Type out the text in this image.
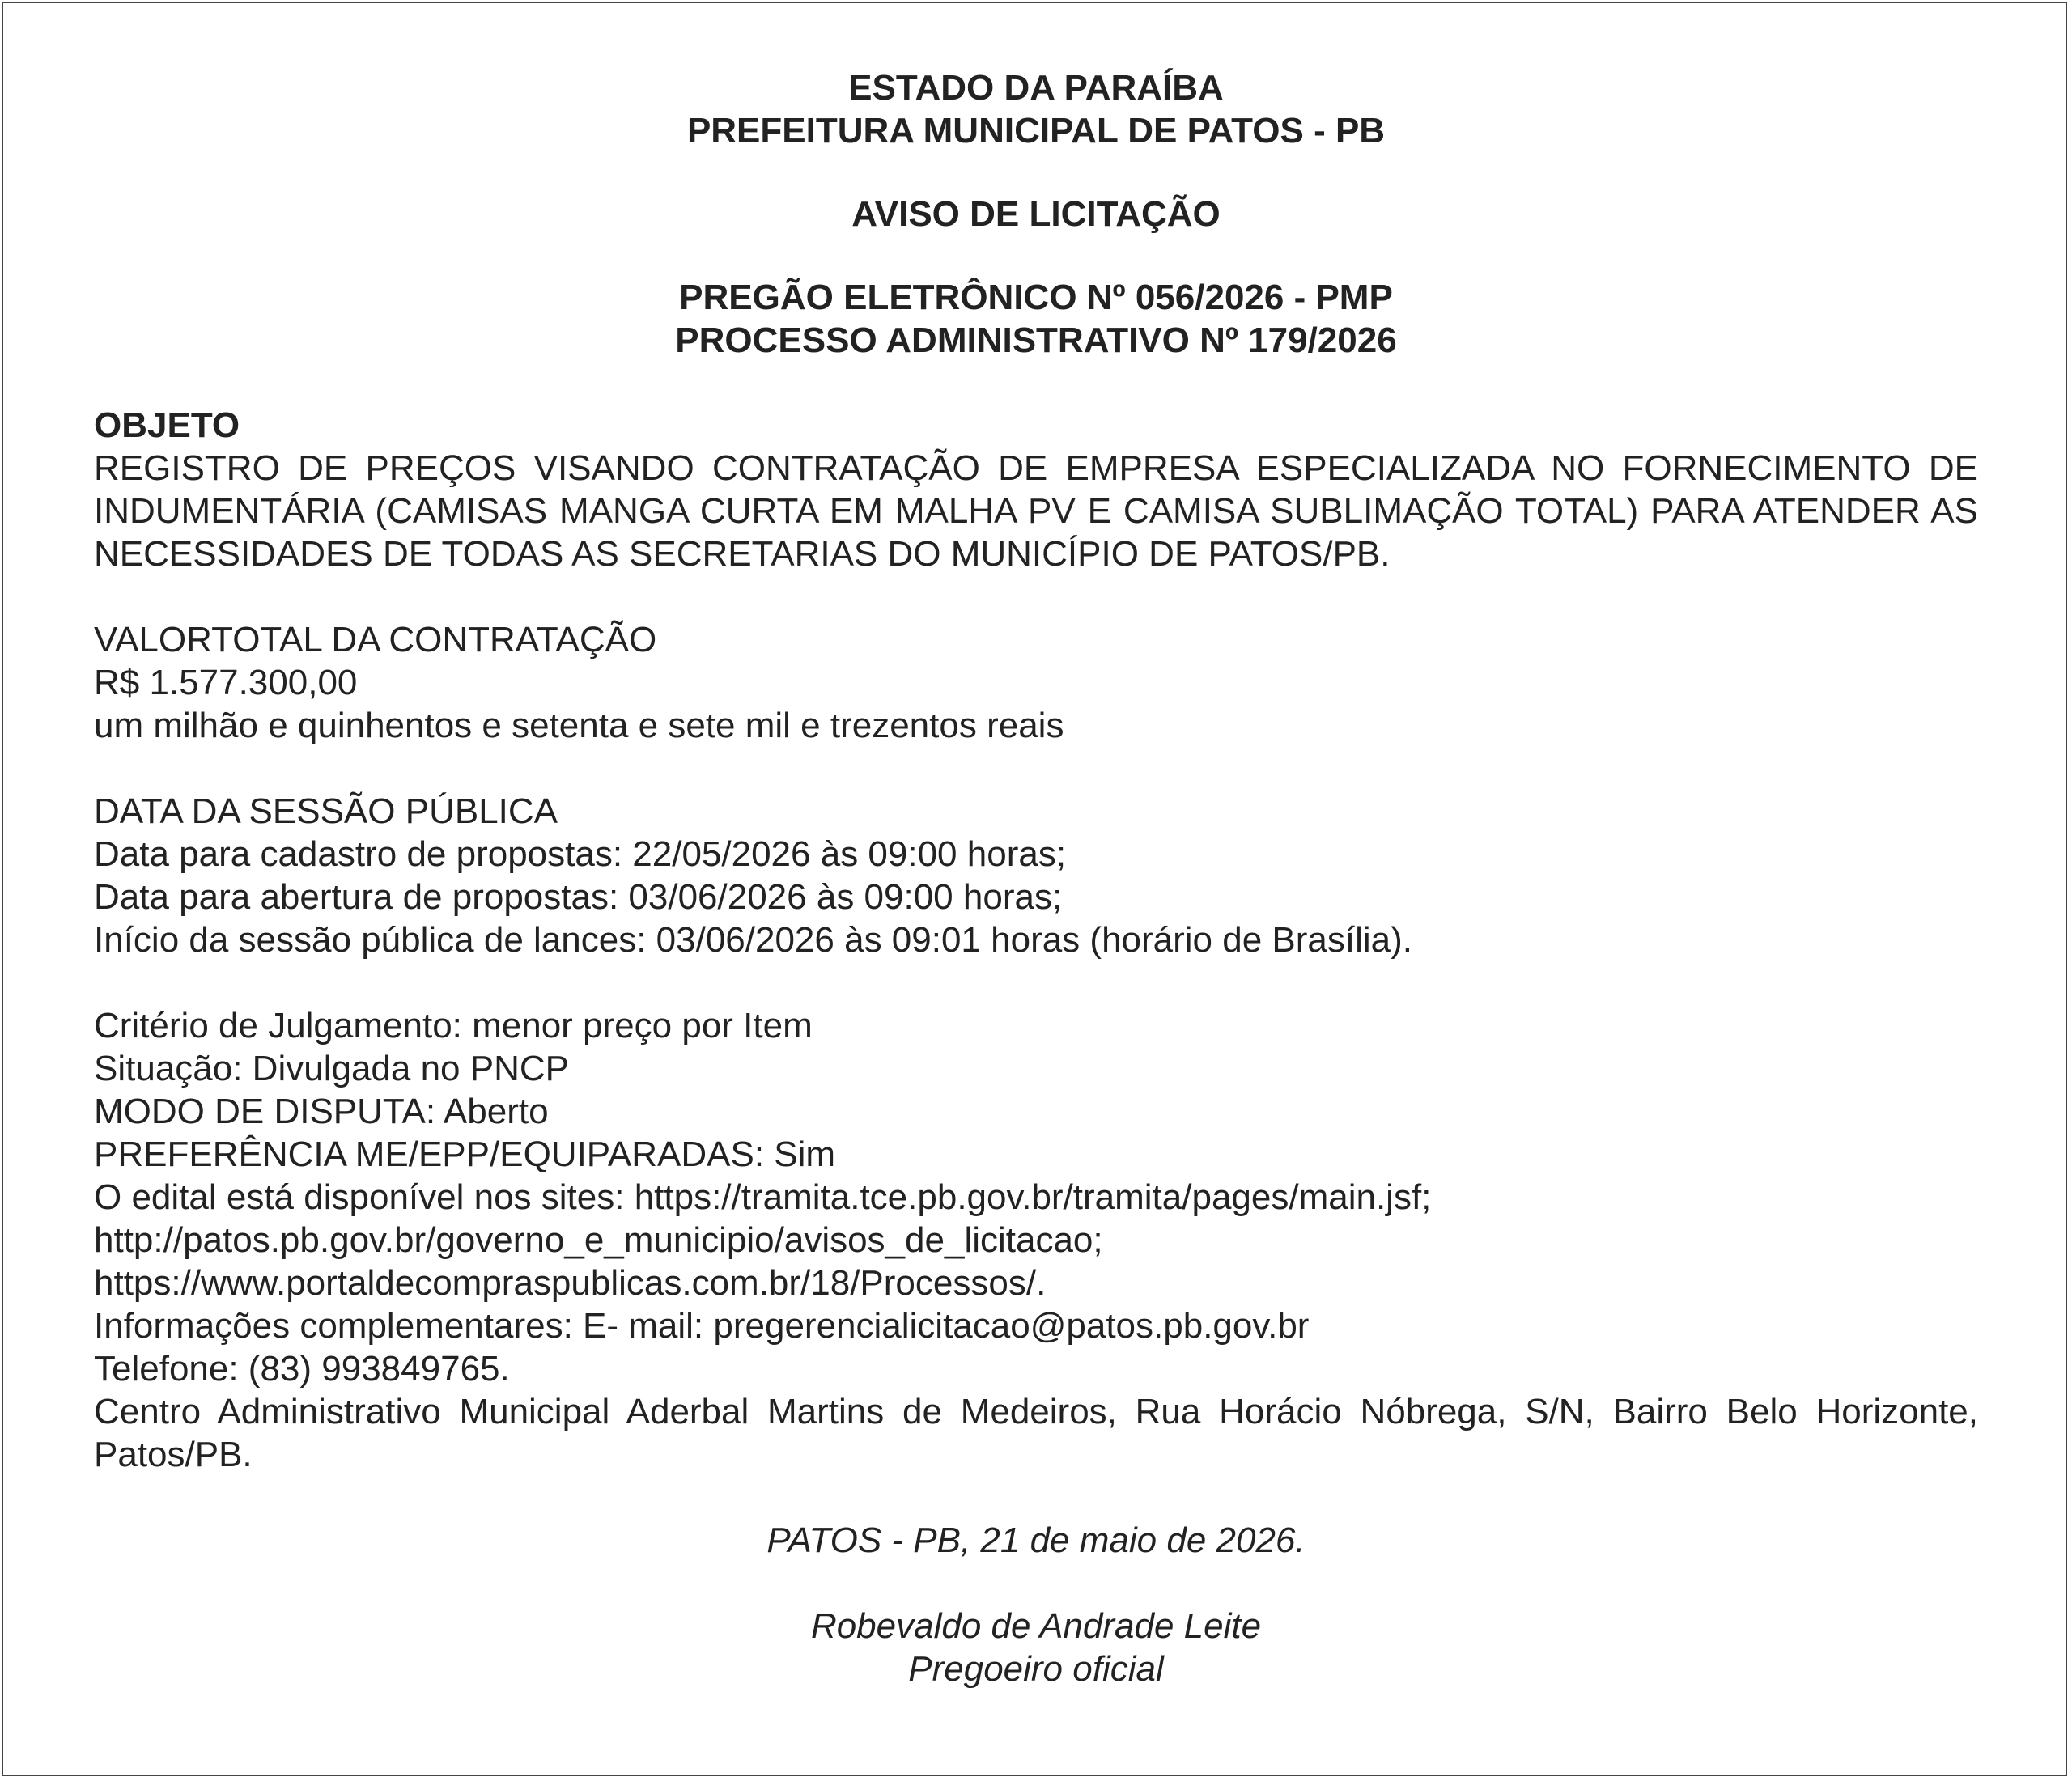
ESTADO DA PARAÍBA
PREFEITURA MUNICIPAL DE PATOS - PB
AVISO DE LICITAÇÃO
PREGÃO ELETRÔNICO Nº 056/2026 - PMP
PROCESSO ADMINISTRATIVO Nº 179/2026
OBJETO
REGISTRO DE PREÇOS VISANDO CONTRATAÇÃO DE EMPRESA ESPECIALIZADA NO FORNECIMENTO DE INDUMENTÁRIA (CAMISAS MANGA CURTA EM MALHA PV E CAMISA SUBLIMAÇÃO TOTAL) PARA ATENDER AS NECESSIDADES DE TODAS AS SECRETARIAS DO MUNICÍPIO DE PATOS/PB.
VALORTOTAL DA CONTRATAÇÃO
R$ 1.577.300,00
um milhão e quinhentos e setenta e sete mil e trezentos reais
DATA DA SESSÃO PÚBLICA
Data para cadastro de propostas: 22/05/2026 às 09:00 horas;
Data para abertura de propostas: 03/06/2026 às 09:00 horas;
Início da sessão pública de lances: 03/06/2026 às 09:01 horas (horário de Brasília).
Critério de Julgamento: menor preço por Item
Situação: Divulgada no PNCP
MODO DE DISPUTA: Aberto
PREFERÊNCIA ME/EPP/EQUIPARADAS: Sim
O edital está disponível nos sites: https://tramita.tce.pb.gov.br/tramita/pages/main.jsf;
http://patos.pb.gov.br/governo_e_municipio/avisos_de_licitacao;
https://www.portaldecompraspublicas.com.br/18/Processos/.
Informações complementares: E- mail: pregerencialicitacao@patos.pb.gov.br
Telefone: (83) 993849765.
Centro Administrativo Municipal Aderbal Martins de Medeiros, Rua Horácio Nóbrega, S/N, Bairro Belo Horizonte, Patos/PB.
PATOS - PB, 21 de maio de 2026.
Robevaldo de Andrade Leite
Pregoeiro oficial
